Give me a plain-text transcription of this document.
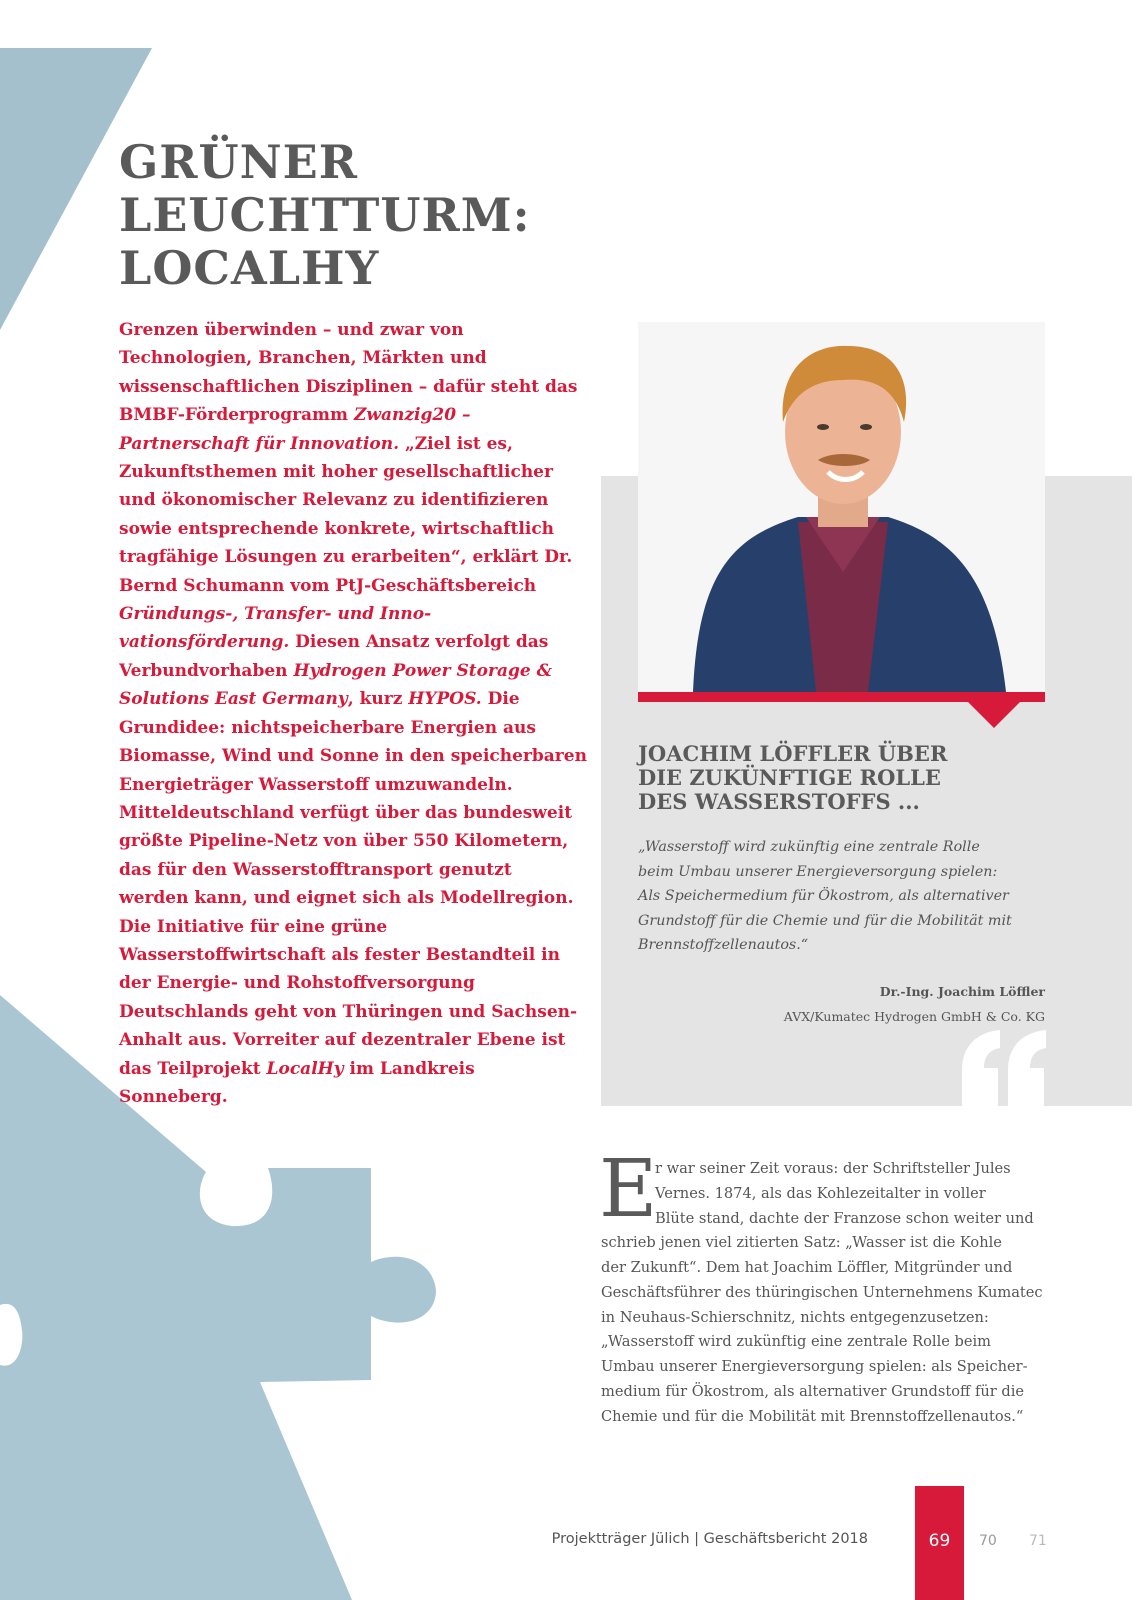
GRÜNER
LEUCHTTURM:
LOCALHY

Grenzen überwinden – und zwar von Technologien, Branchen, Märkten und wissenschaftlichen Disziplinen – dafür steht das BMBF-Förderprogramm Zwanzig20 – Partnerschaft für Innovation. „Ziel ist es, Zukunftsthemen mit hoher gesellschaftlicher und ökonomischer Relevanz zu identifizieren sowie entsprechende konkrete, wirtschaftlich tragfähige Lösungen zu erarbeiten“, erklärt Dr. Bernd Schumann vom PtJ-Geschäftsbereich Gründungs-, Transfer- und Innovationsförderung. Diesen Ansatz verfolgt das Verbundvorhaben Hydrogen Power Storage & Solutions East Germany, kurz HYPOS. Die Grundidee: nichtspeicherbare Energien aus Biomasse, Wind und Sonne in den speicherbaren Energieträger Wasserstoff umzuwandeln. Mitteldeutschland verfügt über das bundesweit größte Pipeline-Netz von über 550 Kilometern, das für den Wasserstofftransport genutzt werden kann, und eignet sich als Modellregion. Die Initiative für eine grüne Wasserstoffwirtschaft als fester Bestandteil in der Energie- und Rohstoffversorgung Deutschlands geht von Thüringen und Sachsen-Anhalt aus. Vorreiter auf dezentraler Ebene ist das Teilprojekt LocalHy im Landkreis Sonneberg.

JOACHIM LÖFFLER ÜBER
DIE ZUKÜNFTIGE ROLLE
DES WASSERSTOFFS ...

„Wasserstoff wird zukünftig eine zentrale Rolle
beim Umbau unserer Energieversorgung spielen:
Als Speichermedium für Ökostrom, als alternativer
Grundstoff für die Chemie und für die Mobilität mit
Brennstoffzellenautos.“

Dr.-Ing. Joachim Löffler
AVX/Kumatec Hydrogen GmbH & Co. KG
E

r war seiner Zeit voraus: der Schriftsteller Jules
Vernes. 1874, als das Kohlezeitalter in voller
Blüte stand, dachte der Franzose schon weiter und
schrieb jenen viel zitierten Satz: „Wasser ist die Kohle
der Zukunft“. Dem hat Joachim Löffler, Mitgründer und
Geschäftsführer des thüringischen Unternehmens Kumatec
in Neuhaus-Schierschnitz, nichts entgegenzusetzen:
„Wasserstoff wird zukünftig eine zentrale Rolle beim
Umbau unserer Energieversorgung spielen: als Speicher-
medium für Ökostrom, als alternativer Grundstoff für die
Chemie und für die Mobilität mit Brennstoffzellenautos.“

Projektträger Jülich | Geschäftsbericht 2018	69	70 71
